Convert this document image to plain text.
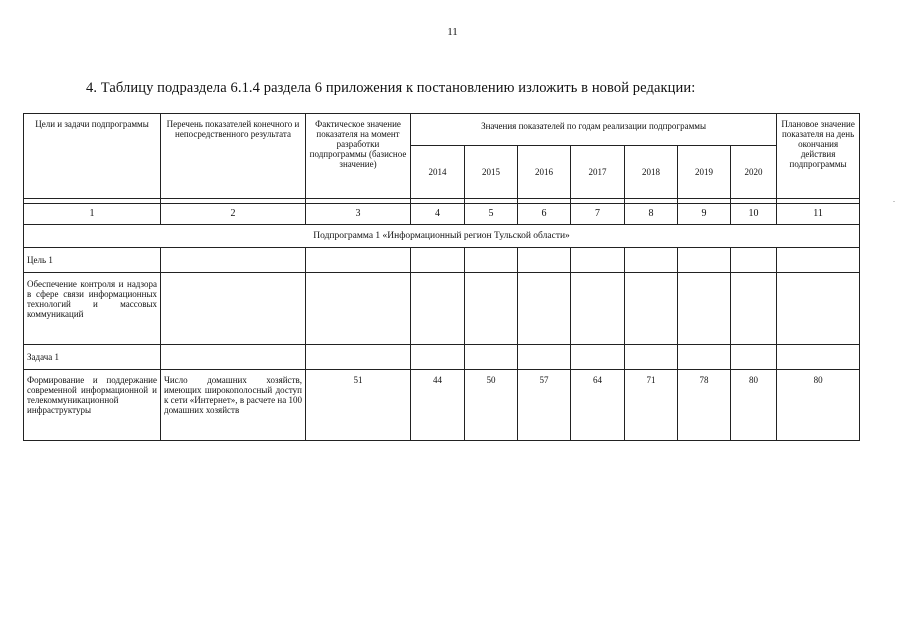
11
4. Таблицу подраздела 6.1.4 раздела 6 приложения к постановлению изложить в новой редакции:
Цели и задачи подпрограммы	Перечень показателей конечного и непосредственного результата	Фактическое значение показателя на момент разработки подпрограммы (базисное значение)	Значения показателей по годам реализации подпрограммы							Плановое значение показателя на день окончания действия подпрограммы
			2014	2015	2016	2017	2018	2019	2020	

1	2	3	4	5	6	7	8	9	10	11
Подпрограмма 1 «Информационный регион Тульской области»										
Цель 1										
Обеспечение контроля и надзора в сфере связи информационных технологий и массовых коммуникаций										
Задача 1										
Формирование и поддержание современной информационной и телекоммуникационной инфраструктуры	Число домашних хозяйств, имеющих широкополосный доступ к сети «Интернет», в расчете на 100 домашних хозяйств	51	44	50	57	64	71	78	80	80
-
